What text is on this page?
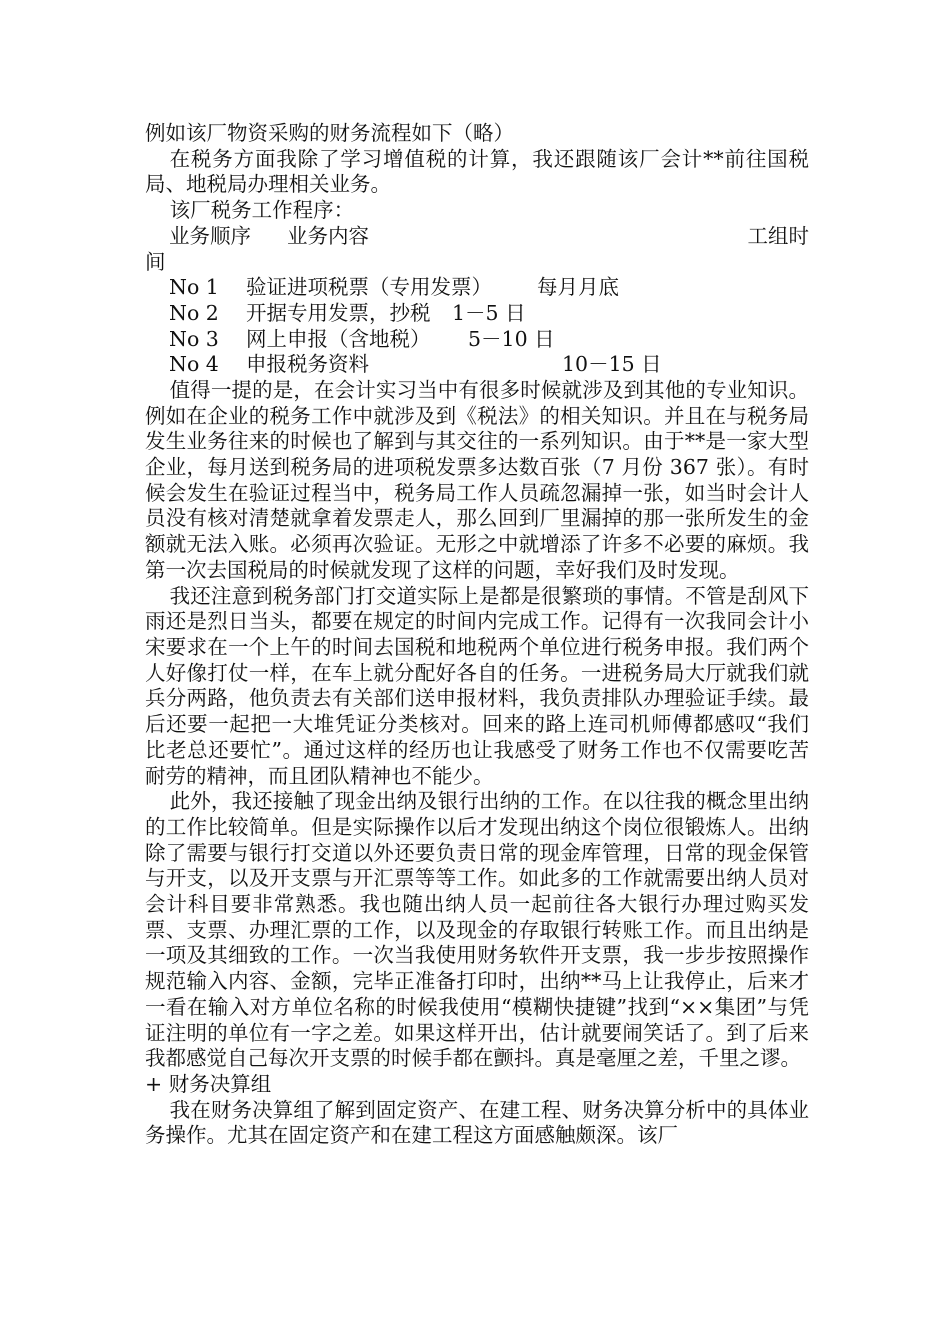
例如该厂物资采购的财务流程如下（略）

在税务方面我除了学习增值税的计算，我还跟随该厂会计**前往国税局、地税局办理相关业务。

该厂税务工作程序：

业务顺序 业务内容	工组时
间
No 1 验证进项税票（专用发票） 每月月底
No 2 开据专用发票，抄税 1－5 日
No 3 网上申报（含地税） 5－10 日
No 4 申报税务资料	10－15 日

值得一提的是，在会计实习当中有很多时候就涉及到其他的专业知识。例如在企业的税务工作中就涉及到《税法》的相关知识。并且在与税务局发生业务往来的时候也了解到与其交往的一系列知识。由于**是一家大型企业，每月送到税务局的进项税发票多达数百张（7 月份 367 张）。有时候会发生在验证过程当中，税务局工作人员疏忽漏掉一张，如当时会计人员没有核对清楚就拿着发票走人，那么回到厂里漏掉的那一张所发生的金额就无法入账。必须再次验证。无形之中就增添了许多不必要的麻烦。我第一次去国税局的时候就发现了这样的问题，幸好我们及时发现。

我还注意到税务部门打交道实际上是都是很繁琐的事情。不管是刮风下雨还是烈日当头，都要在规定的时间内完成工作。记得有一次我同会计小宋要求在一个上午的时间去国税和地税两个单位进行税务申报。我们两个人好像打仗一样，在车上就分配好各自的任务。一进税务局大厅就我们就兵分两路，他负责去有关部们送申报材料，我负责排队办理验证手续。最后还要一起把一大堆凭证分类核对。回来的路上连司机师傅都感叹“我们比老总还要忙”。通过这样的经历也让我感受了财务工作也不仅需要吃苦耐劳的精神，而且团队精神也不能少。

此外，我还接触了现金出纳及银行出纳的工作。在以往我的概念里出纳的工作比较简单。但是实际操作以后才发现出纳这个岗位很锻炼人。出纳除了需要与银行打交道以外还要负责日常的现金库管理，日常的现金保管与开支，以及开支票与开汇票等等工作。如此多的工作就需要出纳人员对会计科目要非常熟悉。我也随出纳人员一起前往各大银行办理过购买发票、支票、办理汇票的工作，以及现金的存取银行转账工作。而且出纳是一项及其细致的工作。一次当我使用财务软件开支票，我一步步按照操作规范输入内容、金额，完毕正准备打印时，出纳**马上让我停止，后来才一看在输入对方单位名称的时候我使用“模糊快捷键”找到“××集团”与凭证注明的单位有一字之差。如果这样开出，估计就要闹笑话了。到了后来我都感觉自己每次开支票的时候手都在颤抖。真是毫厘之差，千里之谬。

+ 财务决算组

我在财务决算组了解到固定资产、在建工程、财务决算分析中的具体业务操作。尤其在固定资产和在建工程这方面感触颇深。该厂
